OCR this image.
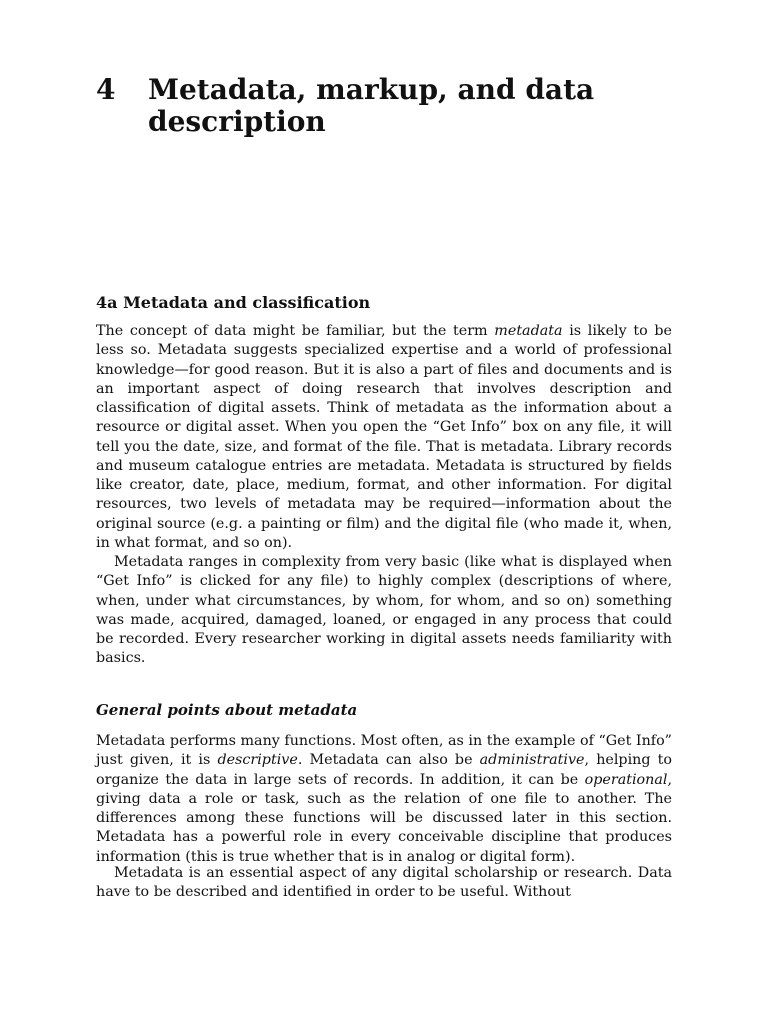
4	Metadata, markup, and data description
4a Metadata and classification

The concept of data might be familiar, but the term metadata is likely to be less so. Metadata suggests specialized expertise and a world of professional knowledge—for good reason. But it is also a part of files and documents and is an important aspect of doing research that involves description and classification of digital assets. Think of metadata as the information about a resource or digital asset. When you open the “Get Info” box on any file, it will tell you the date, size, and format of the file. That is metadata. Library records and museum catalogue entries are metadata. Metadata is structured by fields like creator, date, place, medium, format, and other information. For digital resources, two levels of metadata may be required—information about the original source (e.g. a painting or film) and the digital file (who made it, when, in what format, and so on).

Metadata ranges in complexity from very basic (like what is displayed when “Get Info” is clicked for any file) to highly complex (descriptions of where, when, under what circumstances, by whom, for whom, and so on) something was made, acquired, damaged, loaned, or engaged in any process that could be recorded. Every researcher working in digital assets needs familiarity with basics.

General points about metadata

Metadata performs many functions. Most often, as in the example of “Get Info” just given, it is descriptive. Metadata can also be administrative, helping to organize the data in large sets of records. In addition, it can be operational, giving data a role or task, such as the relation of one file to another. The differences among these functions will be discussed later in this section. Metadata has a powerful role in every conceivable discipline that produces information (this is true whether that is in analog or digital form).

Metadata is an essential aspect of any digital scholarship or research. Data have to be described and identified in order to be useful. Without
